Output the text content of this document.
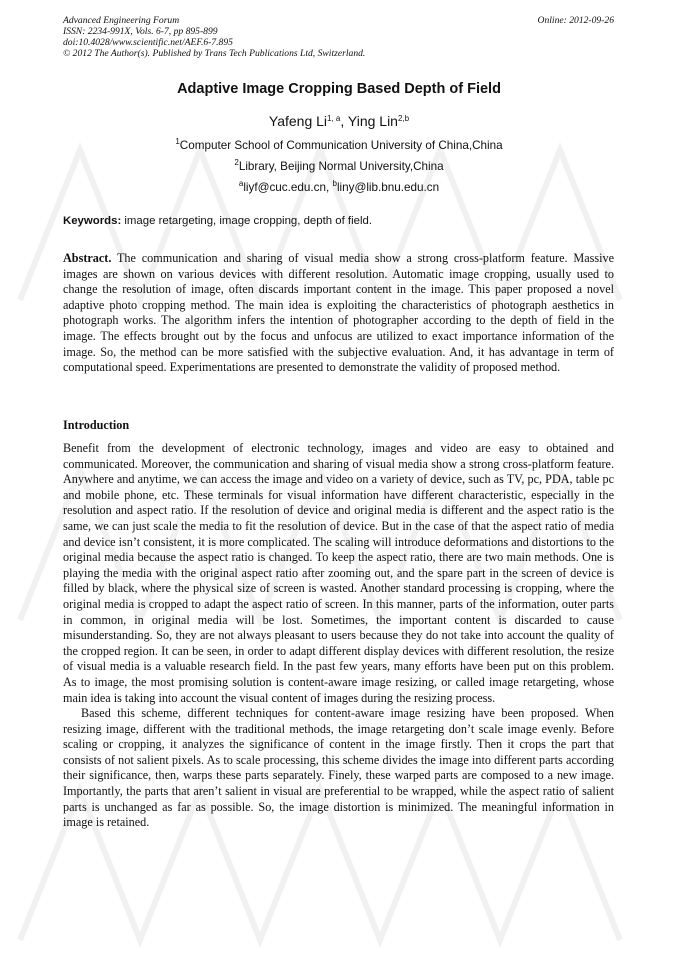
Advanced Engineering Forum
ISSN: 2234-991X, Vols. 6-7, pp 895-899
doi:10.4028/www.scientific.net/AEF.6-7.895
© 2012 The Author(s). Published by Trans Tech Publications Ltd, Switzerland.
Online: 2012-09-26
Adaptive Image Cropping Based Depth of Field
Yafeng Li$^{1, a}$, Ying Lin$^{2,b}$
$^1$Computer School of Communication University of China,China
$^2$Library, Beijing Normal University,China
$^a$liyf@cuc.edu.cn, $^b$liny@lib.bnu.edu.cn
Keywords: image retargeting, image cropping, depth of field.
Abstract. The communication and sharing of visual media show a strong cross-platform feature. Massive images are shown on various devices with different resolution. Automatic image cropping, usually used to change the resolution of image, often discards important content in the image. This paper proposed a novel adaptive photo cropping method. The main idea is exploiting the characteristics of photograph aesthetics in photograph works. The algorithm infers the intention of photographer according to the depth of field in the image. The effects brought out by the focus and unfocus are utilized to exact importance information of the image. So, the method can be more satisfied with the subjective evaluation. And, it has advantage in term of computational speed. Experimentations are presented to demonstrate the validity of proposed method.
Introduction

Benefit from the development of electronic technology, images and video are easy to obtained and communicated. Moreover, the communication and sharing of visual media show a strong cross-platform feature. Anywhere and anytime, we can access the image and video on a variety of device, such as TV, pc, PDA, table pc and mobile phone, etc. These terminals for visual information have different characteristic, especially in the resolution and aspect ratio. If the resolution of device and original media is different and the aspect ratio is the same, we can just scale the media to fit the resolution of device. But in the case of that the aspect ratio of media and device isn’t consistent, it is more complicated. The scaling will introduce deformations and distortions to the original media because the aspect ratio is changed. To keep the aspect ratio, there are two main methods. One is playing the media with the original aspect ratio after zooming out, and the spare part in the screen of device is filled by black, where the physical size of screen is wasted. Another standard processing is cropping, where the original media is cropped to adapt the aspect ratio of screen. In this manner, parts of the information, outer parts in common, in original media will be lost. Sometimes, the important content is discarded to cause misunderstanding. So, they are not always pleasant to users because they do not take into account the quality of the cropped region. It can be seen, in order to adapt different display devices with different resolution, the resize of visual media is a valuable research field. In the past few years, many efforts have been put on this problem. As to image, the most promising solution is content-aware image resizing, or called image retargeting, whose main idea is taking into account the visual content of images during the resizing process.

Based this scheme, different techniques for content-aware image resizing have been proposed. When resizing image, different with the traditional methods, the image retargeting don’t scale image evenly. Before scaling or cropping, it analyzes the significance of content in the image firstly. Then it crops the part that consists of not salient pixels. As to scale processing, this scheme divides the image into different parts according their significance, then, warps these parts separately. Finely, these warped parts are composed to a new image. Importantly, the parts that aren’t salient in visual are preferential to be wrapped, while the aspect ratio of salient parts is unchanged as far as possible. So, the image distortion is minimized. The meaningful information in image is retained.
